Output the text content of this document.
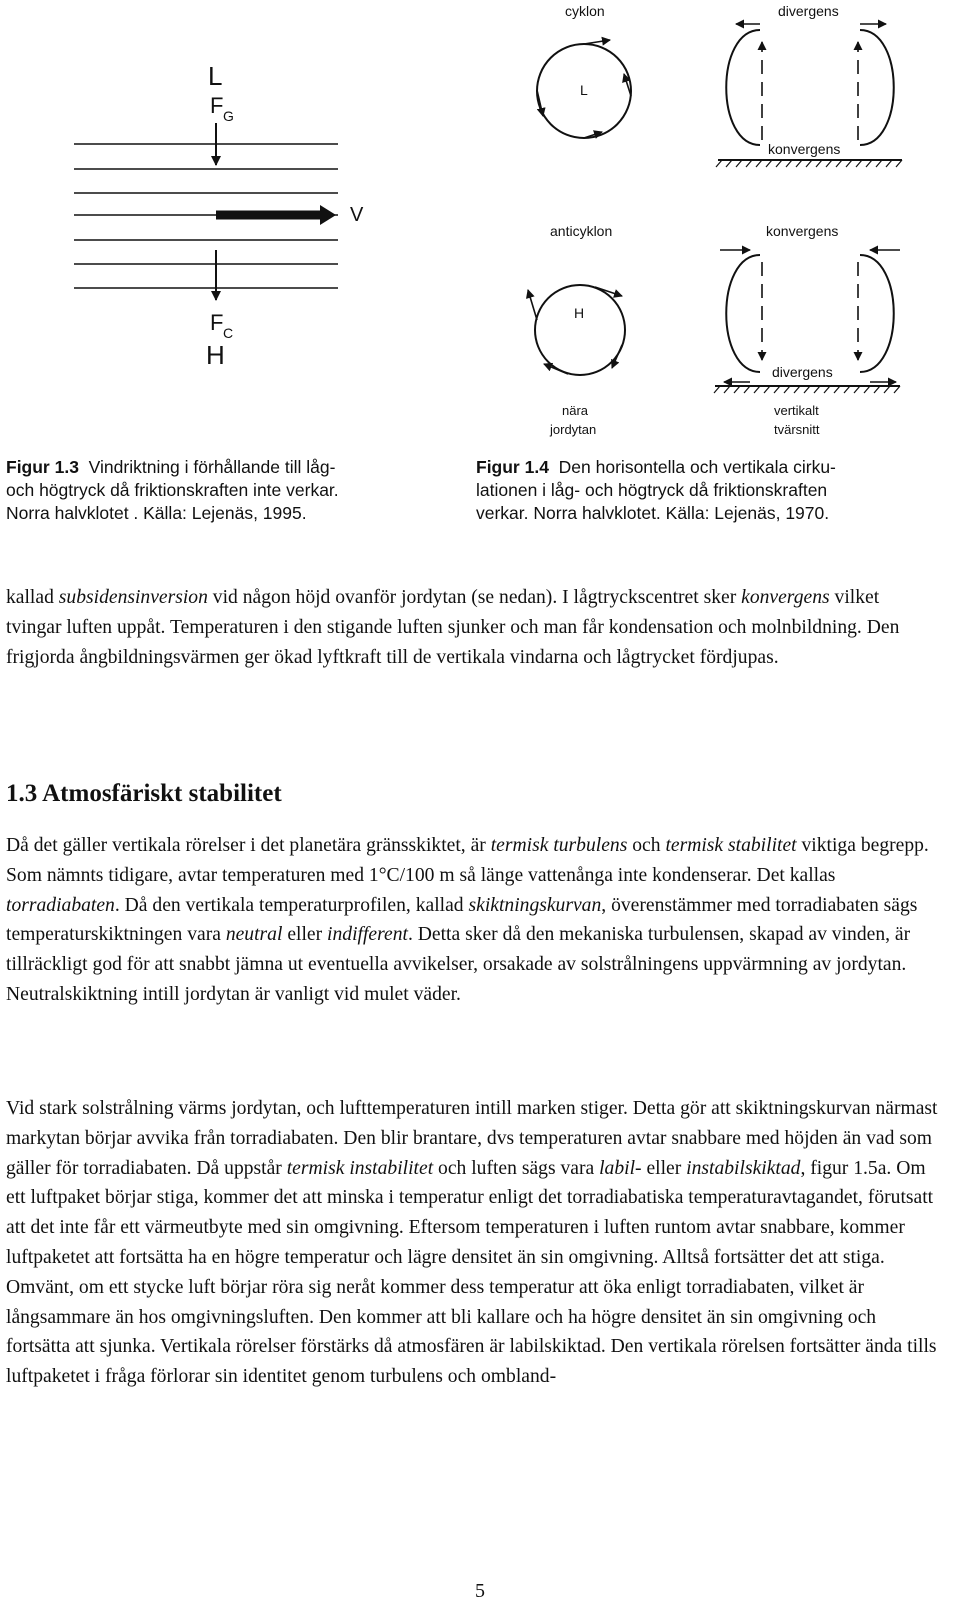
L
F G
V
F C
H
Figur 1.3 Vindriktning i förhållande till låg-
och högtryck då friktionskraften inte verkar.
Norra halvklotet . Källa: Lejenäs, 1995.
cyklon
L
divergens
konvergens
anticyklon
H
konvergens
divergens
nära
jordytan
vertikalt
tvärsnitt
Figur 1.4 Den horisontella och vertikala cirku-
lationen i låg- och högtryck då friktionskraften
verkar. Norra halvklotet. Källa: Lejenäs, 1970.

kallad subsidensinversion vid någon höjd ovanför jordytan (se nedan). I lågtryckscentret sker konvergens vilket tvingar luften uppåt. Temperaturen i den stigande luften sjunker och man får kondensation och molnbildning. Den frigjorda ångbildningsvärmen ger ökad lyftkraft till de vertikala vindarna och lågtrycket fördjupas.

1.3 Atmosfäriskt stabilitet

Då det gäller vertikala rörelser i det planetära gränsskiktet, är termisk turbulens och termisk stabilitet viktiga begrepp. Som nämnts tidigare, avtar temperaturen med 1°C/100 m så länge vattenånga inte kondenserar. Det kallas torradiabaten. Då den vertikala temperaturprofilen, kallad skiktningskurvan, överenstämmer med torradiabaten sägs temperaturskiktningen vara neutral eller indifferent. Detta sker då den mekaniska turbulensen, skapad av vinden, är tillräckligt god för att snabbt jämna ut eventuella avvikelser, orsakade av solstrålningens uppvärmning av jordytan. Neutralskiktning intill jordytan är vanligt vid mulet väder.

Vid stark solstrålning värms jordytan, och lufttemperaturen intill marken stiger. Detta gör att skiktningskurvan närmast markytan börjar avvika från torradiabaten. Den blir brantare, dvs temperaturen avtar snabbare med höjden än vad som gäller för torradiabaten. Då uppstår termisk instabilitet och luften sägs vara labil- eller instabilskiktad, figur 1.5a. Om ett luftpaket börjar stiga, kommer det att minska i temperatur enligt det torradiabatiska temperaturavtagandet, förutsatt att det inte får ett värmeutbyte med sin omgivning. Eftersom temperaturen i luften runtom avtar snabbare, kommer luftpaketet att fortsätta ha en högre temperatur och lägre densitet än sin omgivning. Alltså fortsätter det att stiga. Omvänt, om ett stycke luft börjar röra sig neråt kommer dess temperatur att öka enligt torradiabaten, vilket är långsammare än hos omgivningsluften. Den kommer att bli kallare och ha högre densitet än sin omgivning och fortsätta att sjunka. Vertikala rörelser förstärks då atmosfären är labilskiktad. Den vertikala rörelsen fortsätter ända tills luftpaketet i fråga förlorar sin identitet genom turbulens och ombland-

5
